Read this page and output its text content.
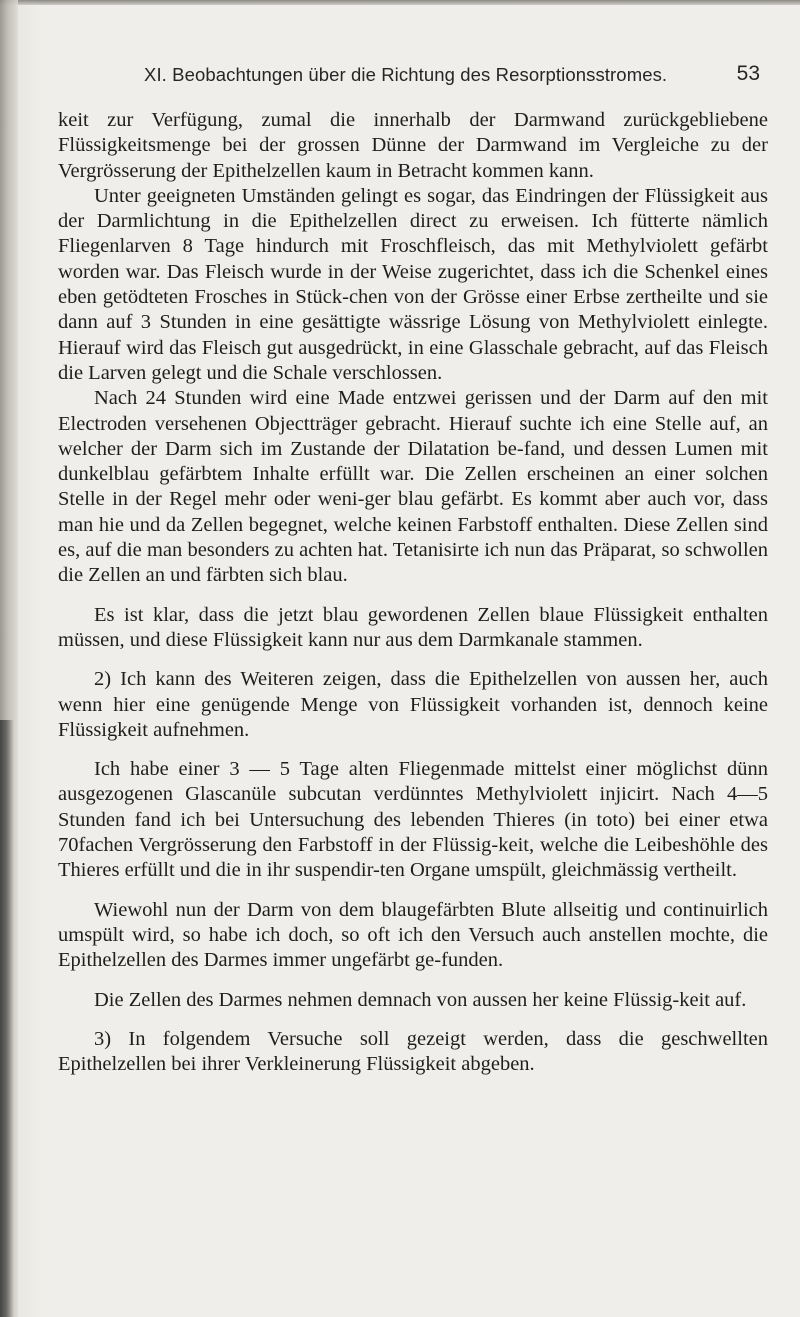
XI. Beobachtungen über die Richtung des Resorptionsstromes.	53

keit zur Verfügung, zumal die innerhalb der Darmwand zurückgebliebene Flüssigkeitsmenge bei der grossen Dünne der Darmwand im Vergleiche zu der Vergrösserung der Epithelzellen kaum in Betracht kommen kann.

Unter geeigneten Umständen gelingt es sogar, das Eindringen der Flüssigkeit aus der Darmlichtung in die Epithelzellen direct zu erweisen. Ich fütterte nämlich Fliegenlarven 8 Tage hindurch mit Froschfleisch, das mit Methylviolett gefärbt worden war. Das Fleisch wurde in der Weise zugerichtet, dass ich die Schenkel eines eben getödteten Frosches in Stück-chen von der Grösse einer Erbse zertheilte und sie dann auf 3 Stunden in eine gesättigte wässrige Lösung von Methylviolett einlegte. Hierauf wird das Fleisch gut ausgedrückt, in eine Glasschale gebracht, auf das Fleisch die Larven gelegt und die Schale verschlossen.

Nach 24 Stunden wird eine Made entzwei gerissen und der Darm auf den mit Electroden versehenen Objectträger gebracht. Hierauf suchte ich eine Stelle auf, an welcher der Darm sich im Zustande der Dilatation be-fand, und dessen Lumen mit dunkelblau gefärbtem Inhalte erfüllt war. Die Zellen erscheinen an einer solchen Stelle in der Regel mehr oder weni-ger blau gefärbt. Es kommt aber auch vor, dass man hie und da Zellen begegnet, welche keinen Farbstoff enthalten. Diese Zellen sind es, auf die man besonders zu achten hat. Tetanisirte ich nun das Präparat, so schwollen die Zellen an und färbten sich blau.

Es ist klar, dass die jetzt blau gewordenen Zellen blaue Flüssigkeit enthalten müssen, und diese Flüssigkeit kann nur aus dem Darmkanale stammen.

2) Ich kann des Weiteren zeigen, dass die Epithelzellen von aussen her, auch wenn hier eine genügende Menge von Flüssigkeit vorhanden ist, dennoch keine Flüssigkeit aufnehmen.

Ich habe einer 3 — 5 Tage alten Fliegenmade mittelst einer möglichst dünn ausgezogenen Glascanüle subcutan verdünntes Methylviolett injicirt. Nach 4—5 Stunden fand ich bei Untersuchung des lebenden Thieres (in toto) bei einer etwa 70fachen Vergrösserung den Farbstoff in der Flüssig-keit, welche die Leibeshöhle des Thieres erfüllt und die in ihr suspendir-ten Organe umspült, gleichmässig vertheilt.

Wiewohl nun der Darm von dem blaugefärbten Blute allseitig und continuirlich umspült wird, so habe ich doch, so oft ich den Versuch auch anstellen mochte, die Epithelzellen des Darmes immer ungefärbt ge-funden.

Die Zellen des Darmes nehmen demnach von aussen her keine Flüssig-keit auf.

3) In folgendem Versuche soll gezeigt werden, dass die geschwellten Epithelzellen bei ihrer Verkleinerung Flüssigkeit abgeben.
